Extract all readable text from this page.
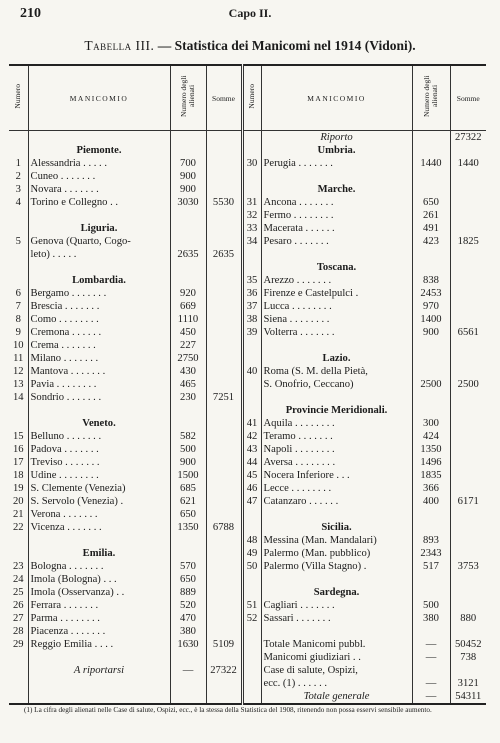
210	Capo II.
Tabella III. — Statistica dei Manicomi nel 1914 (Vidoni).
Numero	MANICOMIO	Numero degli alienati	Somme	Numero	MANICOMIO	Numero degli alienati	Somme
					Riporto		27322
	Piemonte.				Umbria.		
1	Alessandria . . . . .	700		30	Perugia . . . . . . .	1440	1440
2	Cuneo . . . . . . .	900					
3	Novara . . . . . . .	900			Marche.		
4	Torino e Collegno . .	3030	5530	31	Ancona . . . . . . .	650	
				32	Fermo . . . . . . . .	261	
	Liguria.			33	Macerata . . . . . .	491	
5	Genova (Quarto, Cogo-			34	Pesaro . . . . . . .	423	1825
	leto) . . . . .	2635	2635				
					Toscana.		
	Lombardia.			35	Arezzo . . . . . . .	838	
6	Bergamo . . . . . . .	920		36	Firenze e Castelpulci .	2453	
7	Brescia . . . . . . .	669		37	Lucca . . . . . . . .	970	
8	Como . . . . . . . .	1110		38	Siena . . . . . . . .	1400	
9	Cremona . . . . . .	450		39	Volterra . . . . . . .	900	6561
10	Crema . . . . . . .	227					
11	Milano . . . . . . .	2750			Lazio.		
12	Mantova . . . . . . .	430		40	Roma (S. M. della Pietà,		
13	Pavia . . . . . . . .	465			S. Onofrio, Ceccano)	2500	2500
14	Sondrio . . . . . . .	230	7251				
					Provincie Meridionali.		
	Veneto.			41	Aquila . . . . . . . .	300	
15	Belluno . . . . . . .	582		42	Teramo . . . . . . .	424	
16	Padova . . . . . . .	500		43	Napoli . . . . . . . .	1350	
17	Treviso . . . . . . .	900		44	Aversa . . . . . . . .	1496	
18	Udine . . . . . . . .	1500		45	Nocera Inferiore . . .	1835	
19	S. Clemente (Venezia)	685		46	Lecce . . . . . . . .	366	
20	S. Servolo (Venezia) .	621		47	Catanzaro . . . . . .	400	6171
21	Verona . . . . . . .	650					
22	Vicenza . . . . . . .	1350	6788		Sicilia.		
				48	Messina (Man. Mandalari)	893	
	Emilia.			49	Palermo (Man. pubblico)	2343	
23	Bologna . . . . . . .	570		50	Palermo (Villa Stagno) .	517	3753
24	Imola (Bologna) . . .	650					
25	Imola (Osservanza) . .	889			Sardegna.		
26	Ferrara . . . . . . .	520		51	Cagliari . . . . . . .	500	
27	Parma . . . . . . . .	470		52	Sassari . . . . . . .	380	880
28	Piacenza . . . . . . .	380					
29	Reggio Emilia . . . .	1630	5109		Totale Manicomi pubbl.	—	50452
					Manicomi giudiziari . .	—	738
	A riportarsi	—	27322		Case di salute, Ospizi,		
					ecc. (1) . . . . . .	—	3121
					Totale generale	—	54311
(1) La cifra degli alienati nelle Case di salute, Ospizi, ecc., è la stessa della Statistica del 1908, ritenendo non possa esservi sensibile aumento.
